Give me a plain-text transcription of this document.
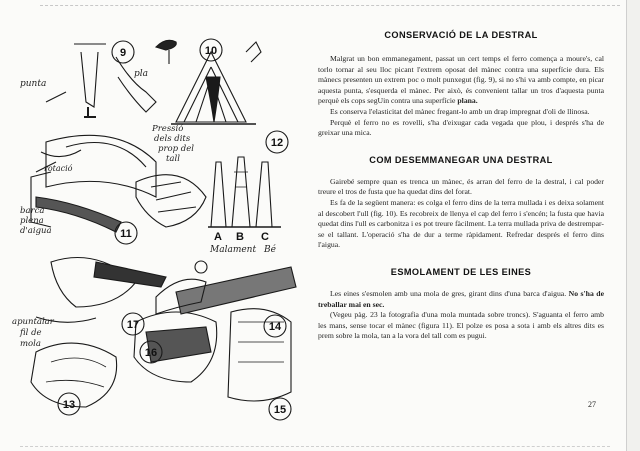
9	10
11
12
13
14
15
16
17
punta
pla
Pressió
dels dits
prop del
tall
rotació
barca
plena
d'aigua	A B C
Malament Bé
apuntalar
fil de
mola
CONSERVACIÓ DE LA DESTRAL

Malgrat un bon emmanegament, passat un cert temps el ferro comença a moure's, cal torlo tornar al seu lloc picant l'extrem oposat del mànec contra una superfície dura. Els mànecs presenten un extrem poc o molt punxegut (fig. 9), si no s'hi va amb compte, en picar aquesta punta, s'esquerda el mànec. Per això, és convenient tallar un tros d'aquesta punta perquè els cops segUin contra una superfície plana.

Es conserva l'elasticitat del mànec fregant-lo amb un drap impregnat d'oli de llinosa.

Perquè el ferro no es rovelli, s'ha d'eixugar cada vegada que plou, i després s'ha de greixar una mica.

COM DESEMMANEGAR UNA DESTRAL

Gairebé sempre quan es trenca un mànec, és arran del ferro de la destral, i cal poder treure el tros de fusta que ha quedat dins del forat.

Es fa de la següent manera: es colga el ferro dins de la terra mullada i es deixa solament al descobert l'ull (fig. 10). Es recobreix de llenya el cap del ferro i s'encén; la fusta que havia quedat dins l'ull es carbonitza i es pot treure fàcilment. La terra mullada priva de destrempar-se el tallant. L'operació s'ha de dur a terme ràpidament. Refredar després el ferro dins l'aigua.

ESMOLAMENT DE LES EINES

Les eines s'esmolen amb una mola de gres, girant dins d'una barca d'aigua. No s'ha de treballar mai en sec.

(Vegeu pàg. 23 la fotografia d'una mola muntada sobre troncs). S'aguanta el ferro amb les mans, sense tocar el mànec (figura 11). El polze es posa a sota i amb els altres dits es prem sobre la mola, tan a la vora del tall com es pugui.

27
